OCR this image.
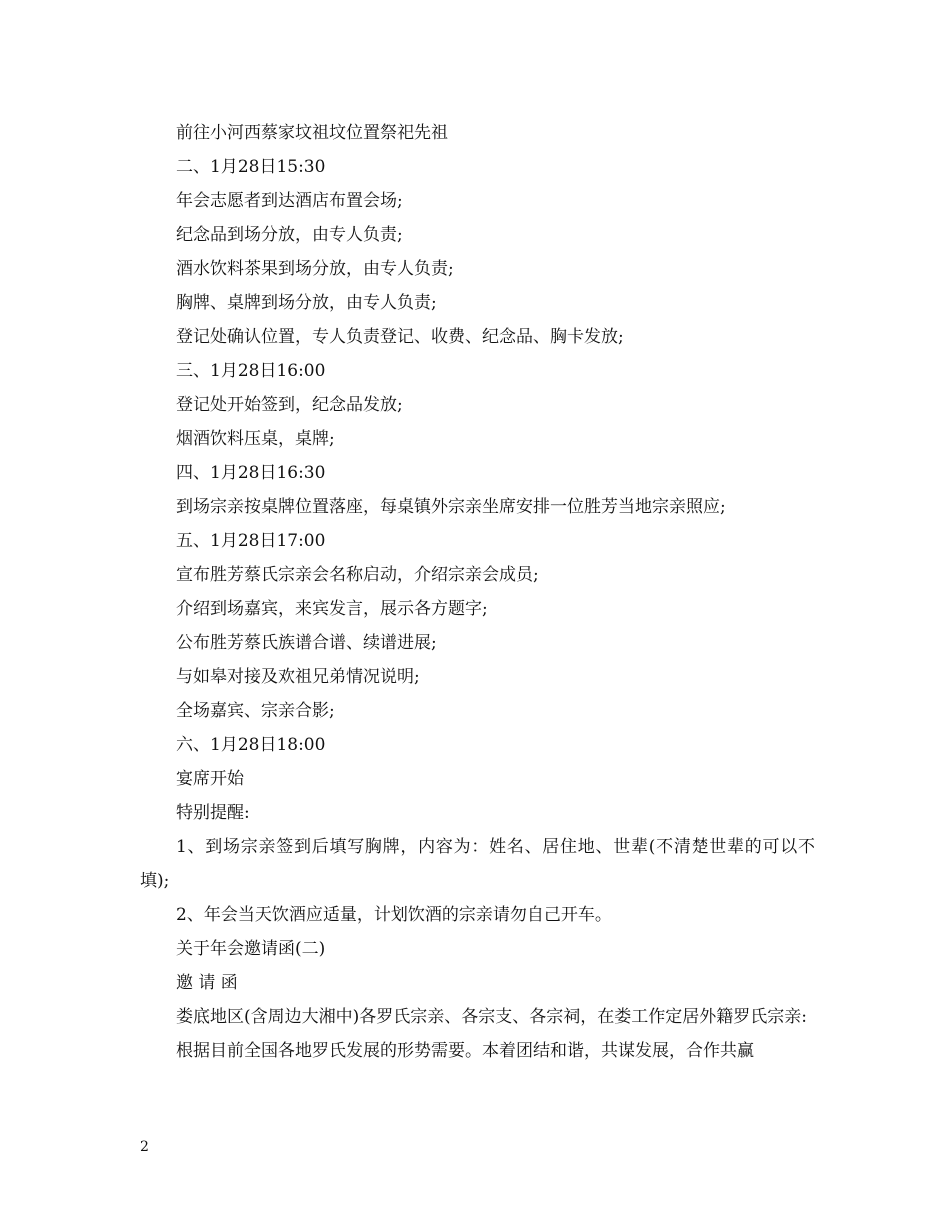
前往小河西蔡家坟祖坟位置祭祀先祖
二、1月28日15:30
年会志愿者到达酒店布置会场;
纪念品到场分放，由专人负责;
酒水饮料茶果到场分放，由专人负责;
胸牌、桌牌到场分放，由专人负责;
登记处确认位置，专人负责登记、收费、纪念品、胸卡发放;
三、1月28日16:00
登记处开始签到，纪念品发放;
烟酒饮料压桌，桌牌;
四、1月28日16:30
到场宗亲按桌牌位置落座，每桌镇外宗亲坐席安排一位胜芳当地宗亲照应;
五、1月28日17:00
宣布胜芳蔡氏宗亲会名称启动，介绍宗亲会成员;
介绍到场嘉宾，来宾发言，展示各方题字;
公布胜芳蔡氏族谱合谱、续谱进展;
与如皋对接及欢祖兄弟情况说明;
全场嘉宾、宗亲合影;
六、1月28日18:00
宴席开始
特别提醒:
1、到场宗亲签到后填写胸牌，内容为：姓名、居住地、世辈(不清楚世辈的可以不填);
2、年会当天饮酒应适量，计划饮酒的宗亲请勿自己开车。
关于年会邀请函(二)
邀 请 函
娄底地区(含周边大湘中)各罗氏宗亲、各宗支、各宗祠，在娄工作定居外籍罗氏宗亲:
根据目前全国各地罗氏发展的形势需要。本着团结和谐，共谋发展，合作共赢
2
